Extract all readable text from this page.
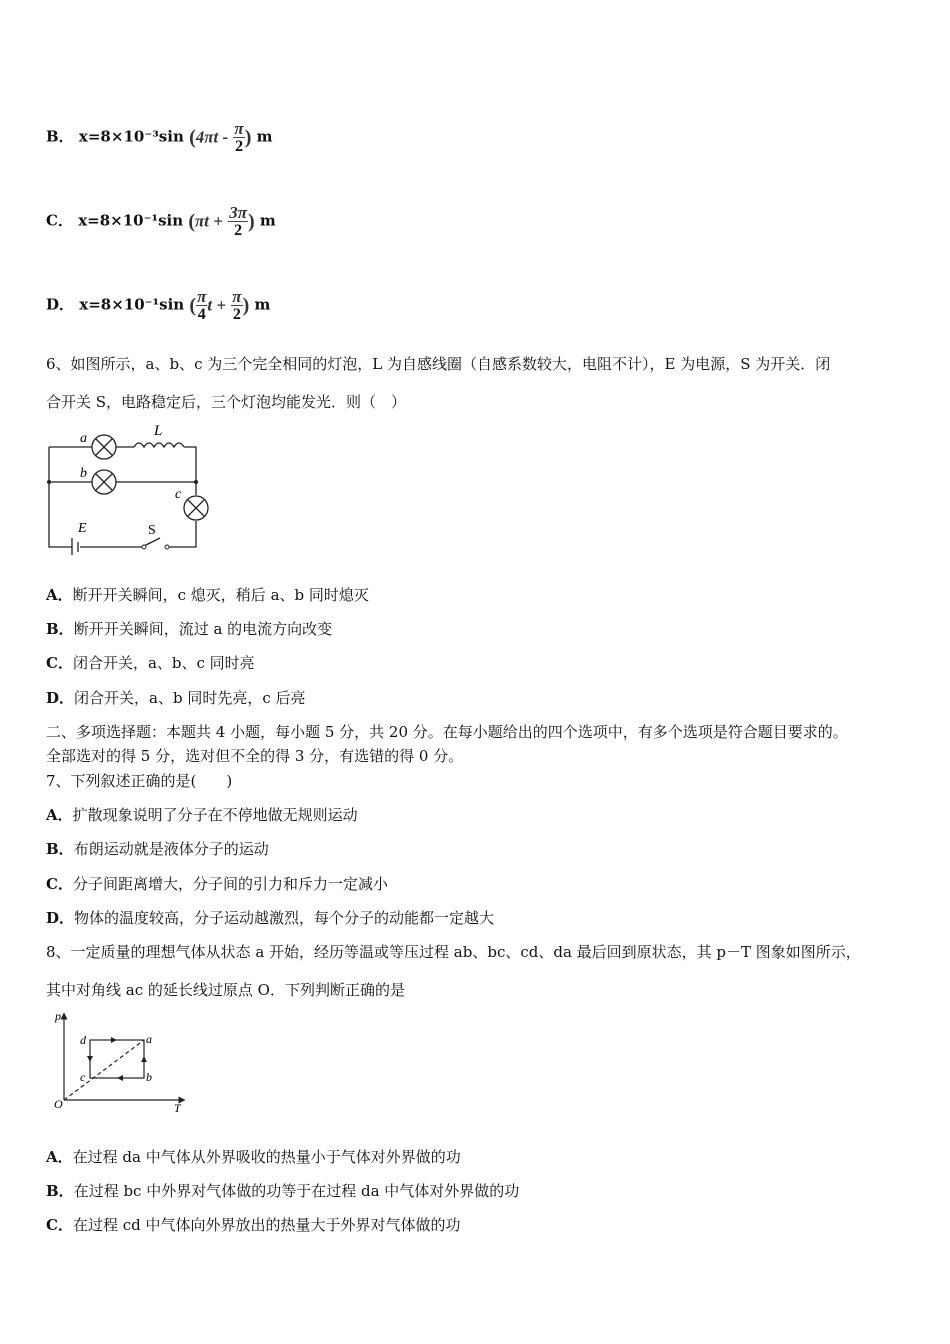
B． x=8×10⁻³sin ($4\pi t - \frac{\pi}{2}$ ) m
C． x=8×10⁻¹sin ($\pi t + \frac{3\pi}{2}$ ) m
D． x=8×10⁻¹sin ( $\frac{\pi}{4}$ $t + \frac{\pi}{2}$ ) m
6、如图所示，a、b、c 为三个完全相同的灯泡，L 为自感线圈（自感系数较大，电阻不计），E 为电源，S 为开关．闭
合开关 S，电路稳定后，三个灯泡均能发光．则（　）
a
b
c
L
E	S
A．断开开关瞬间，c 熄灭，稍后 a、b 同时熄灭
B．断开开关瞬间，流过 a 的电流方向改变
C．闭合开关，a、b、c 同时亮
D．闭合开关，a、b 同时先亮，c 后亮
二、多项选择题：本题共 4 小题，每小题 5 分，共 20 分。在每小题给出的四个选项中，有多个选项是符合题目要求的。
全部选对的得 5 分，选对但不全的得 3 分，有选错的得 0 分。
7、下列叙述正确的是(　　)
A．扩散现象说明了分子在不停地做无规则运动
B．布朗运动就是液体分子的运动
C．分子间距离增大，分子间的引力和斥力一定减小
D．物体的温度较高，分子运动越激烈，每个分子的动能都一定越大
8、一定质量的理想气体从状态 a 开始，经历等温或等压过程 ab、bc、cd、da 最后回到原状态，其 p－T 图象如图所示，
其中对角线 ac 的延长线过原点 O．下列判断正确的是
p
T
O
a
b
c
d
A．在过程 da 中气体从外界吸收的热量小于气体对外界做的功
B．在过程 bc 中外界对气体做的功等于在过程 da 中气体对外界做的功
C．在过程 cd 中气体向外界放出的热量大于外界对气体做的功
